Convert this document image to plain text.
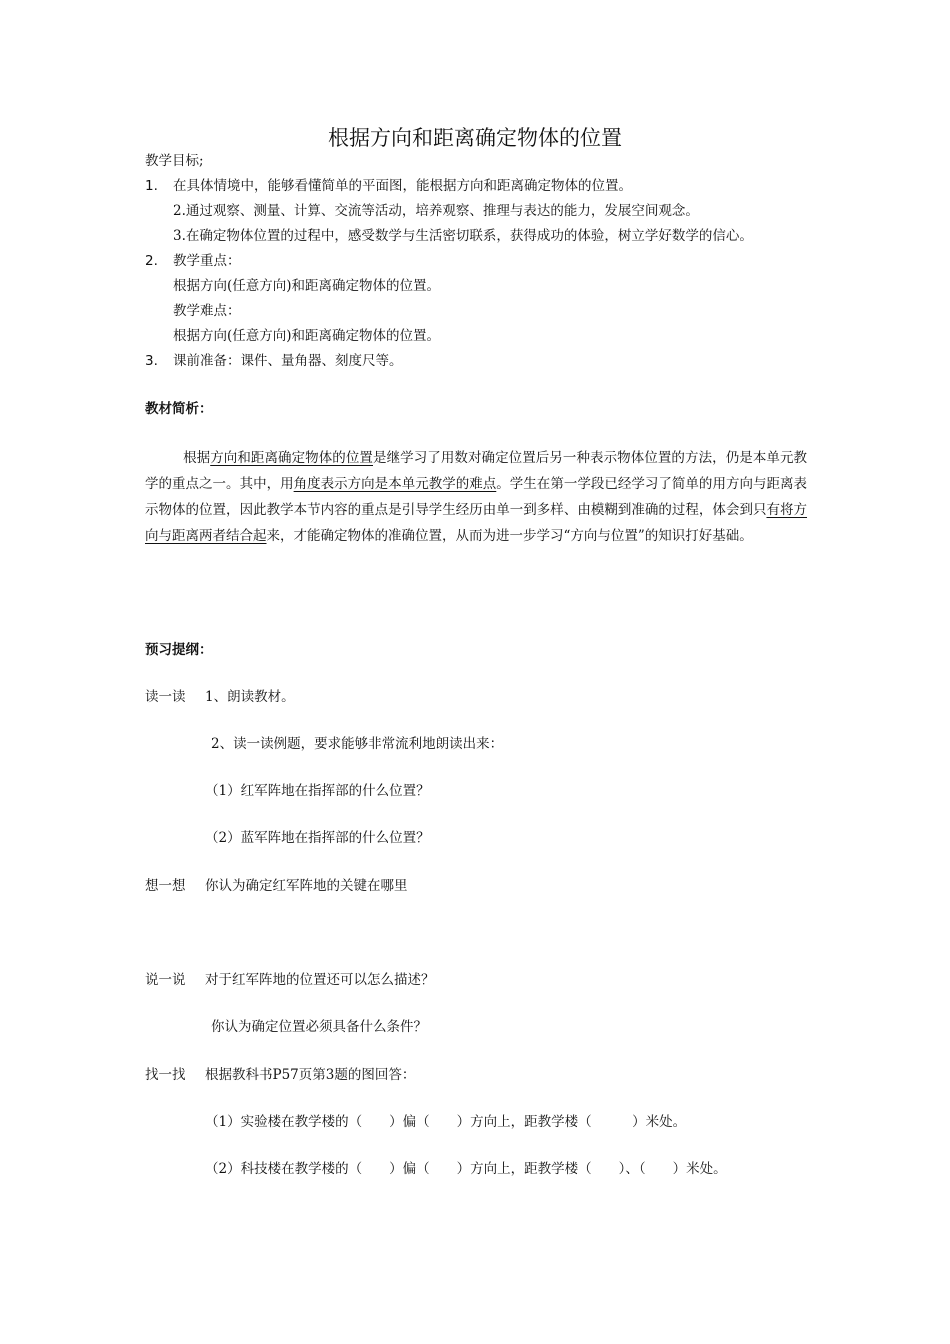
根据方向和距离确定物体的位置
教学目标;
1. 在具体情境中，能够看懂简单的平面图，能根据方向和距离确定物体的位置。
2.通过观察、测量、计算、交流等活动，培养观察、推理与表达的能力，发展空间观念。
3.在确定物体位置的过程中，感受数学与生活密切联系，获得成功的体验，树立学好数学的信心。
2. 教学重点：
根据方向(任意方向)和距离确定物体的位置。
教学难点：
根据方向(任意方向)和距离确定物体的位置。
3. 课前准备：课件、量角器、刻度尺等。
教材简析：
根据方向和距离确定物体的位置是继学习了用数对确定位置后另一种表示物体位置的方法，仍是本单元教学的重点之一。其中，用角度表示方向是本单元教学的难点。学生在第一学段已经学习了简单的用方向与距离表示物体的位置，因此教学本节内容的重点是引导学生经历由单一到多样、由模糊到准确的过程，体会到只有将方向与距离两者结合起来，才能确定物体的准确位置，从而为进一步学习“方向与位置”的知识打好基础。
预习提纲：
读一读 1、朗读教材。
2、读一读例题，要求能够非常流利地朗读出来：
（1）红军阵地在指挥部的什么位置？
（2）蓝军阵地在指挥部的什么位置？
想一想 你认为确定红军阵地的关键在哪里
说一说 对于红军阵地的位置还可以怎么描述？
你认为确定位置必须具备什么条件？
找一找 根据教科书P57页第3题的图回答：
（1）实验楼在教学楼的（　　）偏（　　）方向上，距教学楼（　　　）米处。
（2）科技楼在教学楼的（　　）偏（　　）方向上，距教学楼（　　）、（　　）米处。
